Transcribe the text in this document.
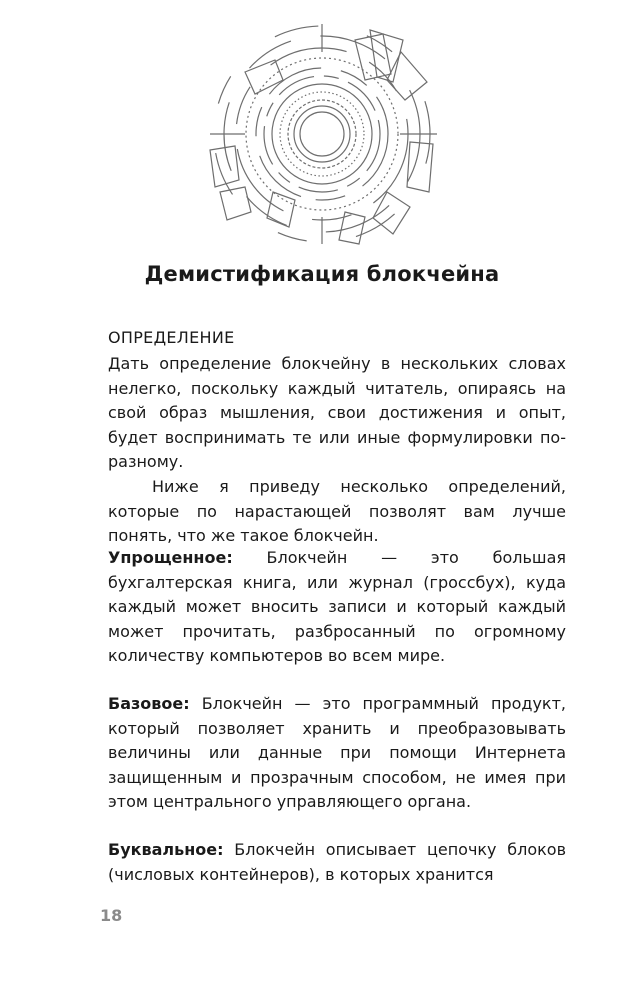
Демистификация блокчейна
ОПРЕДЕЛЕНИЕ

Дать определение блокчейну в нескольких словах нелегко, поскольку каждый читатель, опираясь на свой образ мышления, свои достижения и опыт, будет воспринимать те или иные формулировки по-разному.

Ниже я приведу несколько определений, которые по нарастающей позволят вам лучше понять, что же такое блокчейн.

Упрощенное: Блокчейн — это большая бухгалтерская книга, или журнал (гроссбух), куда каждый может вносить записи и который каждый может прочитать, разбросанный по огромному количеству компьютеров во всем мире.

Базовое: Блокчейн — это программный продукт, который позволяет хранить и преобразовывать величины или данные при помощи Интернета защищенным и прозрачным способом, не имея при этом центрального управляющего органа.

Буквальное: Блокчейн описывает цепочку блоков (числовых контейнеров), в которых хранится

18
